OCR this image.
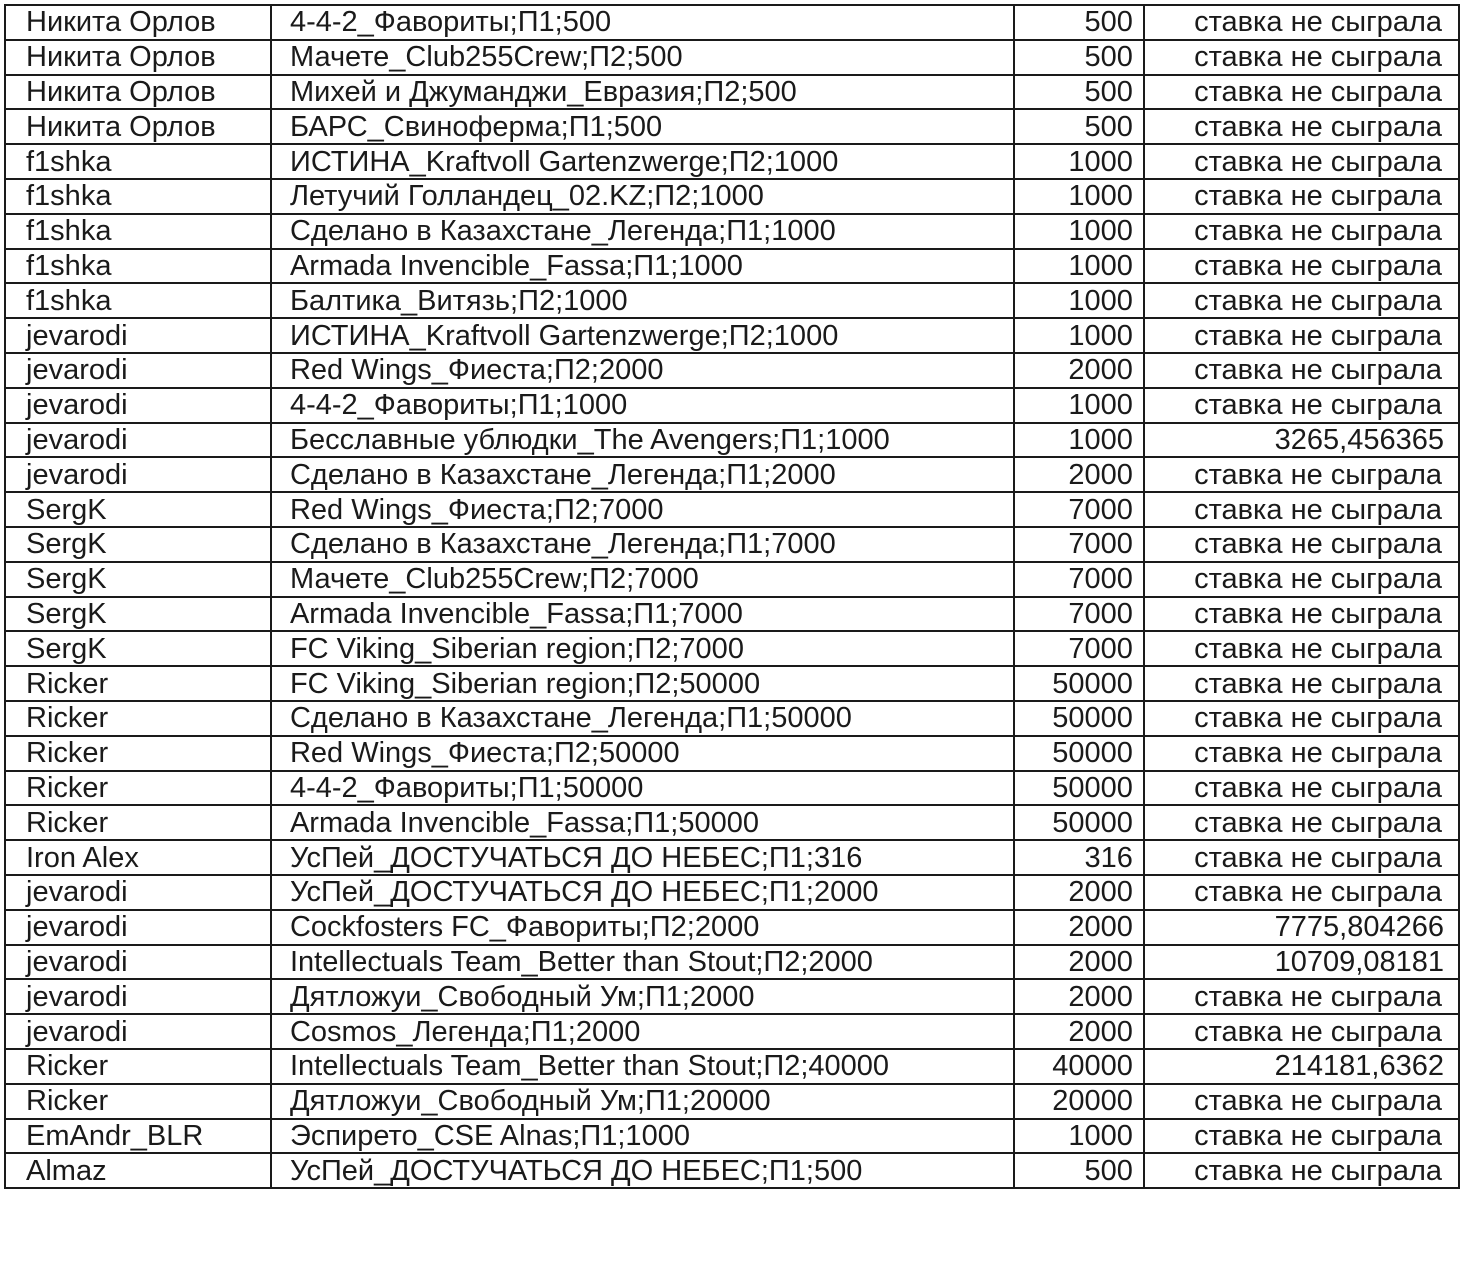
Никита Орлов	4-4-2_Фавориты;П1;500	500	ставка не сыграла
Никита Орлов	Мачете_Club255Crew;П2;500	500	ставка не сыграла
Никита Орлов	Михей и Джуманджи_Евразия;П2;500	500	ставка не сыграла
Никита Орлов	БАРС_Свиноферма;П1;500	500	ставка не сыграла
f1shka	ИСТИНА_Kraftvoll Gartenzwerge;П2;1000	1000	ставка не сыграла
f1shka	Летучий Голландец_02.KZ;П2;1000	1000	ставка не сыграла
f1shka	Сделано в Казахстане_Легенда;П1;1000	1000	ставка не сыграла
f1shka	Armada Invencible_Fassa;П1;1000	1000	ставка не сыграла
f1shka	Балтика_Витязь;П2;1000	1000	ставка не сыграла
jevarodi	ИСТИНА_Kraftvoll Gartenzwerge;П2;1000	1000	ставка не сыграла
jevarodi	Red Wings_Фиеста;П2;2000	2000	ставка не сыграла
jevarodi	4-4-2_Фавориты;П1;1000	1000	ставка не сыграла
jevarodi	Бесславные ублюдки_The Avengers;П1;1000	1000	3265,456365
jevarodi	Сделано в Казахстане_Легенда;П1;2000	2000	ставка не сыграла
SergK	Red Wings_Фиеста;П2;7000	7000	ставка не сыграла
SergK	Сделано в Казахстане_Легенда;П1;7000	7000	ставка не сыграла
SergK	Мачете_Club255Crew;П2;7000	7000	ставка не сыграла
SergK	Armada Invencible_Fassa;П1;7000	7000	ставка не сыграла
SergK	FC Viking_Siberian region;П2;7000	7000	ставка не сыграла
Ricker	FC Viking_Siberian region;П2;50000	50000	ставка не сыграла
Ricker	Сделано в Казахстане_Легенда;П1;50000	50000	ставка не сыграла
Ricker	Red Wings_Фиеста;П2;50000	50000	ставка не сыграла
Ricker	4-4-2_Фавориты;П1;50000	50000	ставка не сыграла
Ricker	Armada Invencible_Fassa;П1;50000	50000	ставка не сыграла
Iron Alex	УсПей_ДОСТУЧАТЬСЯ ДО НЕБЕС;П1;316	316	ставка не сыграла
jevarodi	УсПей_ДОСТУЧАТЬСЯ ДО НЕБЕС;П1;2000	2000	ставка не сыграла
jevarodi	Cockfosters FC_Фавориты;П2;2000	2000	7775,804266
jevarodi	Intellectuals Team_Better than Stout;П2;2000	2000	10709,08181
jevarodi	Дятложуи_Свободный Ум;П1;2000	2000	ставка не сыграла
jevarodi	Cosmos_Легенда;П1;2000	2000	ставка не сыграла
Ricker	Intellectuals Team_Better than Stout;П2;40000	40000	214181,6362
Ricker	Дятложуи_Свободный Ум;П1;20000	20000	ставка не сыграла
EmAndr_BLR	Эспирето_CSE Alnas;П1;1000	1000	ставка не сыграла
Almaz	УсПей_ДОСТУЧАТЬСЯ ДО НЕБЕС;П1;500	500	ставка не сыграла
